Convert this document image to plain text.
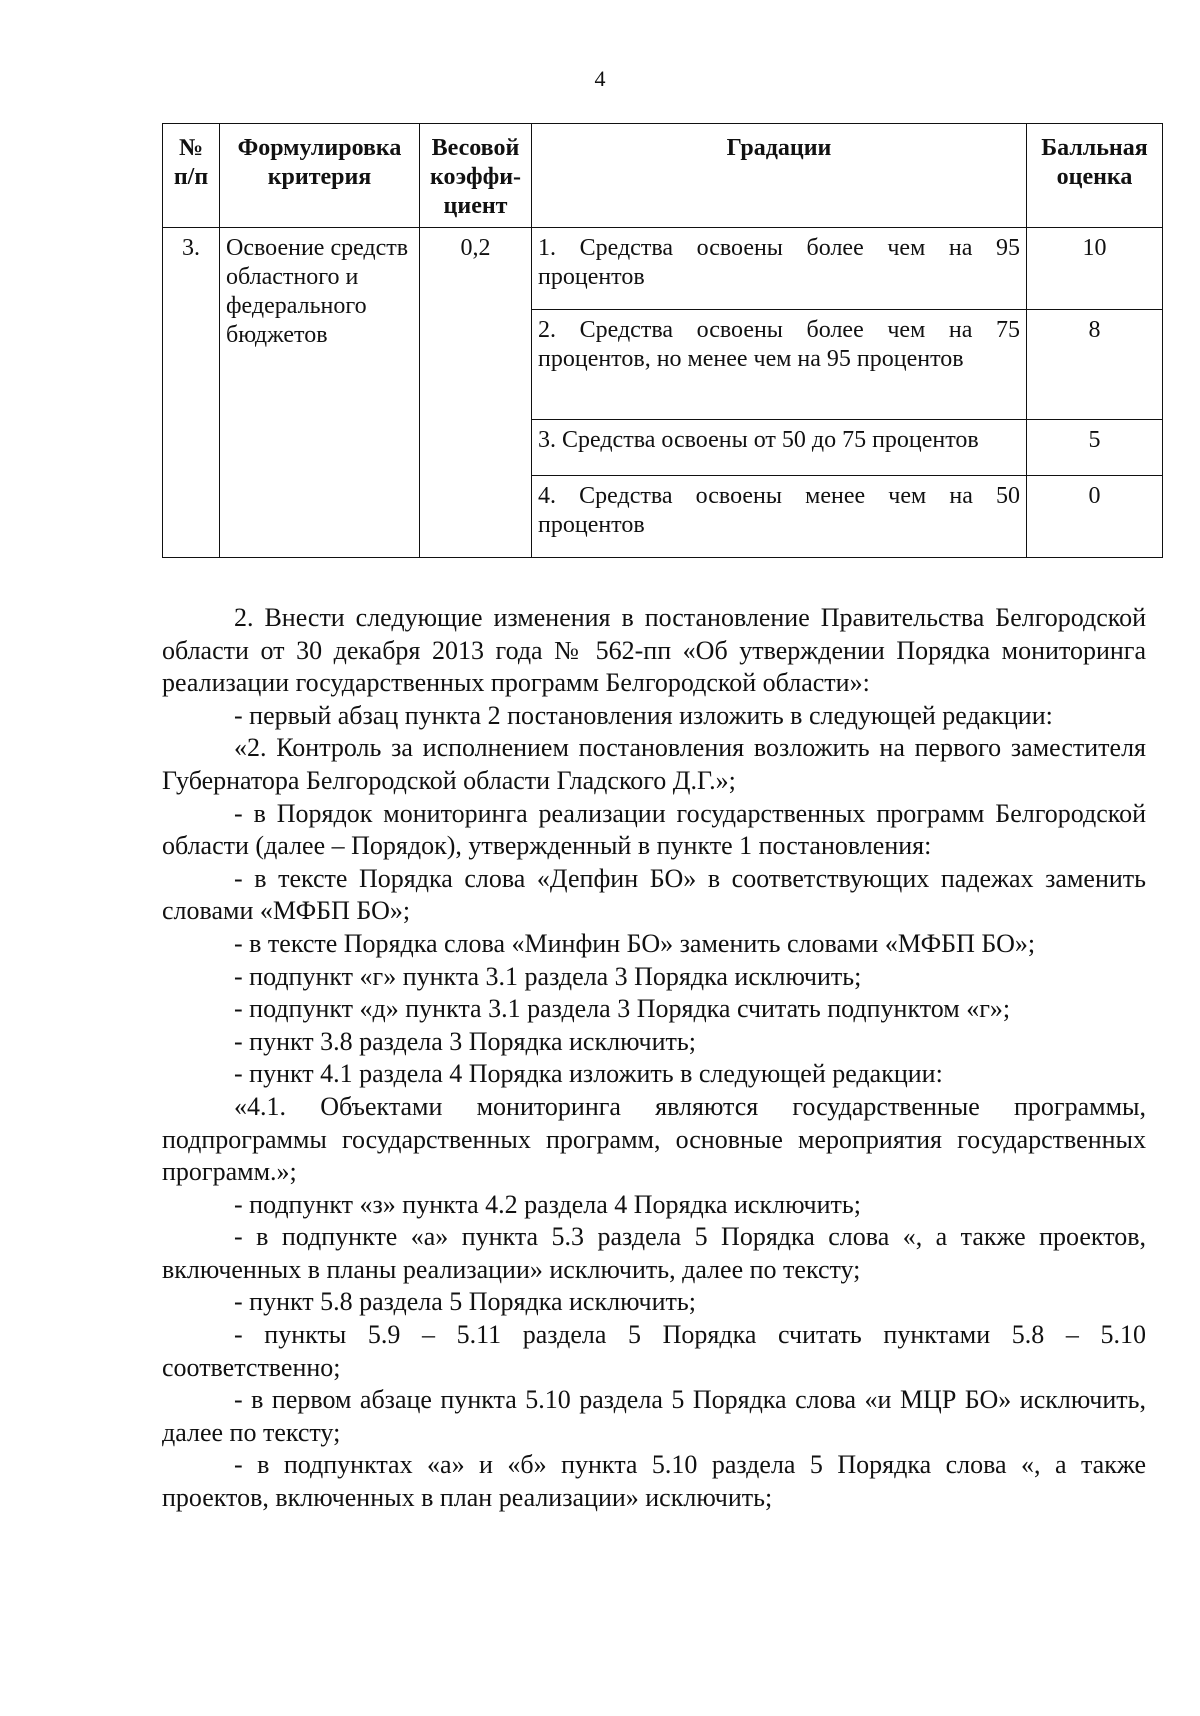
4
№ п/п	Формулировка критерия	Весовой коэффи-циент	Градации	Балльная оценка
3.	Освоение средств областного и федерального бюджетов	0,2	1. Средства освоены более чем на 95 процентов	10
			2. Средства освоены более чем на 75 процентов, но менее чем на 95 процентов	8
			3. Средства освоены от 50 до 75 процентов	5
			4. Средства освоены менее чем на 50 процентов	0

2. Внести следующие изменения в постановление Правительства Белгородской области от 30 декабря 2013 года № 562-пп «Об утверждении Порядка мониторинга реализации государственных программ Белгородской области»:

- первый абзац пункта 2 постановления изложить в следующей редакции:

«2. Контроль за исполнением постановления возложить на первого заместителя Губернатора Белгородской области Гладского Д.Г.»;

- в Порядок мониторинга реализации государственных программ Белгородской области (далее – Порядок), утвержденный в пункте 1 постановления:

- в тексте Порядка слова «Депфин БО» в соответствующих падежах заменить словами «МФБП БО»;

- в тексте Порядка слова «Минфин БО» заменить словами «МФБП БО»;

- подпункт «г» пункта 3.1 раздела 3 Порядка исключить;

- подпункт «д» пункта 3.1 раздела 3 Порядка считать подпунктом «г»;

- пункт 3.8 раздела 3 Порядка исключить;

- пункт 4.1 раздела 4 Порядка изложить в следующей редакции:

«4.1. Объектами мониторинга являются государственные программы, подпрограммы государственных программ, основные мероприятия государственных программ.»;

- подпункт «з» пункта 4.2 раздела 4 Порядка исключить;

- в подпункте «а» пункта 5.3 раздела 5 Порядка слова «, а также проектов, включенных в планы реализации» исключить, далее по тексту;

- пункт 5.8 раздела 5 Порядка исключить;

- пункты 5.9 – 5.11 раздела 5 Порядка считать пунктами 5.8 – 5.10 соответственно;

- в первом абзаце пункта 5.10 раздела 5 Порядка слова «и МЦР БО» исключить, далее по тексту;

- в подпунктах «а» и «б» пункта 5.10 раздела 5 Порядка слова «, а также проектов, включенных в план реализации» исключить;
